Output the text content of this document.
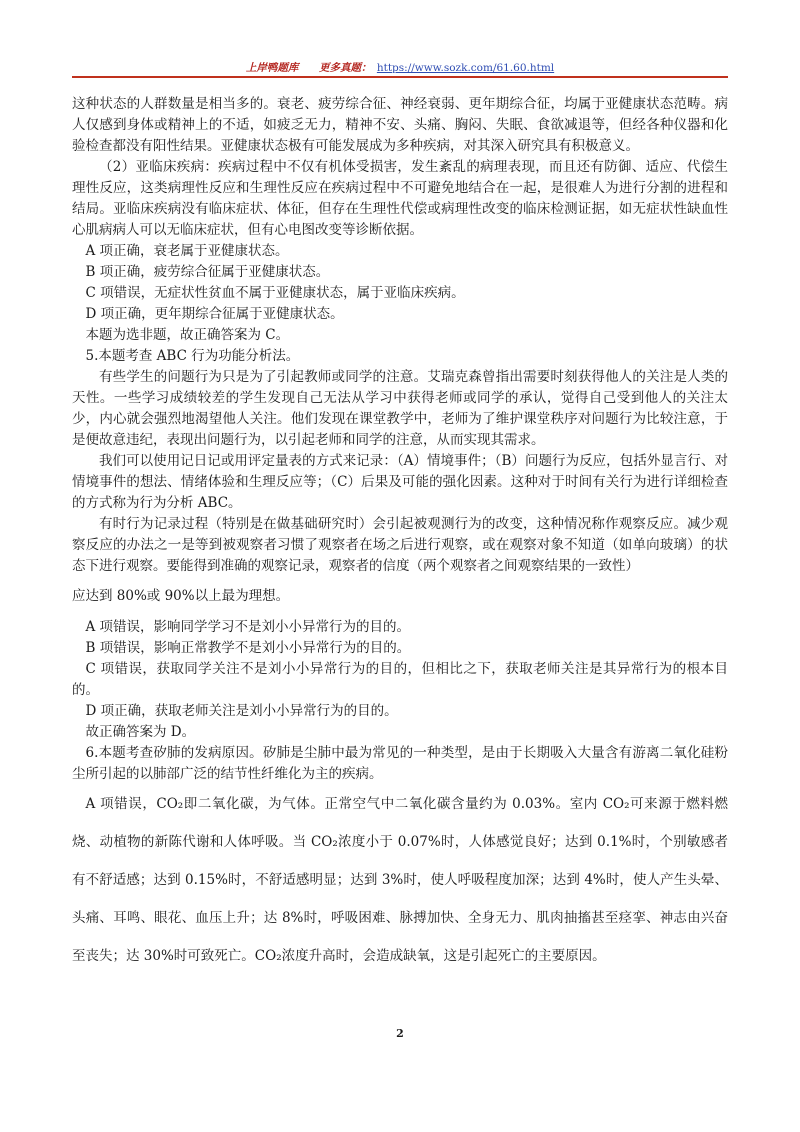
上岸鸭题库 更多真题： https://www.sozk.com/61.60.html

这种状态的人群数量是相当多的。衰老、疲劳综合征、神经衰弱、更年期综合征，均属于亚健康状态范畴。病人仅感到身体或精神上的不适，如疲乏无力，精神不安、头痛、胸闷、失眠、食欲减退等，但经各种仪器和化验检查都没有阳性结果。亚健康状态极有可能发展成为多种疾病，对其深入研究具有积极意义。

（2）亚临床疾病：疾病过程中不仅有机体受损害，发生紊乱的病理表现，而且还有防御、适应、代偿生理性反应，这类病理性反应和生理性反应在疾病过程中不可避免地结合在一起，是很难人为进行分割的进程和结局。亚临床疾病没有临床症状、体征，但存在生理性代偿或病理性改变的临床检测证据，如无症状性缺血性心肌病病人可以无临床症状，但有心电图改变等诊断依据。

A 项正确，衰老属于亚健康状态。

B 项正确，疲劳综合征属于亚健康状态。

C 项错误，无症状性贫血不属于亚健康状态，属于亚临床疾病。

D 项正确，更年期综合征属于亚健康状态。

本题为选非题，故正确答案为 C。

5.本题考查 ABC 行为功能分析法。

有些学生的问题行为只是为了引起教师或同学的注意。艾瑞克森曾指出需要时刻获得他人的关注是人类的天性。一些学习成绩较差的学生发现自己无法从学习中获得老师或同学的承认，觉得自己受到他人的关注太少，内心就会强烈地渴望他人关注。他们发现在课堂教学中，老师为了维护课堂秩序对问题行为比较注意，于是便故意违纪，表现出问题行为，以引起老师和同学的注意，从而实现其需求。

我们可以使用记日记或用评定量表的方式来记录：（A）情境事件；（B）问题行为反应，包括外显言行、对情境事件的想法、情绪体验和生理反应等；（C）后果及可能的强化因素。这种对于时间有关行为进行详细检查的方式称为行为分析 ABC。

有时行为记录过程（特别是在做基础研究时）会引起被观测行为的改变，这种情况称作观察反应。减少观察反应的办法之一是等到被观察者习惯了观察者在场之后进行观察，或在观察对象不知道（如单向玻璃）的状态下进行观察。要能得到准确的观察记录，观察者的信度（两个观察者之间观察结果的一致性）

应达到 80%或 90%以上最为理想。

A 项错误，影响同学学习不是刘小小异常行为的目的。

B 项错误，影响正常教学不是刘小小异常行为的目的。

C 项错误，获取同学关注不是刘小小异常行为的目的，但相比之下，获取老师关注是其异常行为的根本目的。

D 项正确，获取老师关注是刘小小异常行为的目的。

故正确答案为 D。

6.本题考查矽肺的发病原因。矽肺是尘肺中最为常见的一种类型，是由于长期吸入大量含有游离二氧化硅粉尘所引起的以肺部广泛的结节性纤维化为主的疾病。

A 项错误，CO₂即二氧化碳，为气体。正常空气中二氧化碳含量约为 0.03%。室内 CO₂可来源于燃料燃烧、动植物的新陈代谢和人体呼吸。当 CO₂浓度小于 0.07%时，人体感觉良好；达到 0.1%时，个别敏感者有不舒适感；达到 0.15%时，不舒适感明显；达到 3%时，使人呼吸程度加深；达到 4%时，使人产生头晕、头痛、耳鸣、眼花、血压上升；达 8%时，呼吸困难、脉搏加快、全身无力、肌肉抽搐甚至痉挛、神志由兴奋至丧失；达 30%时可致死亡。CO₂浓度升高时，会造成缺氧，这是引起死亡的主要原因。

2
